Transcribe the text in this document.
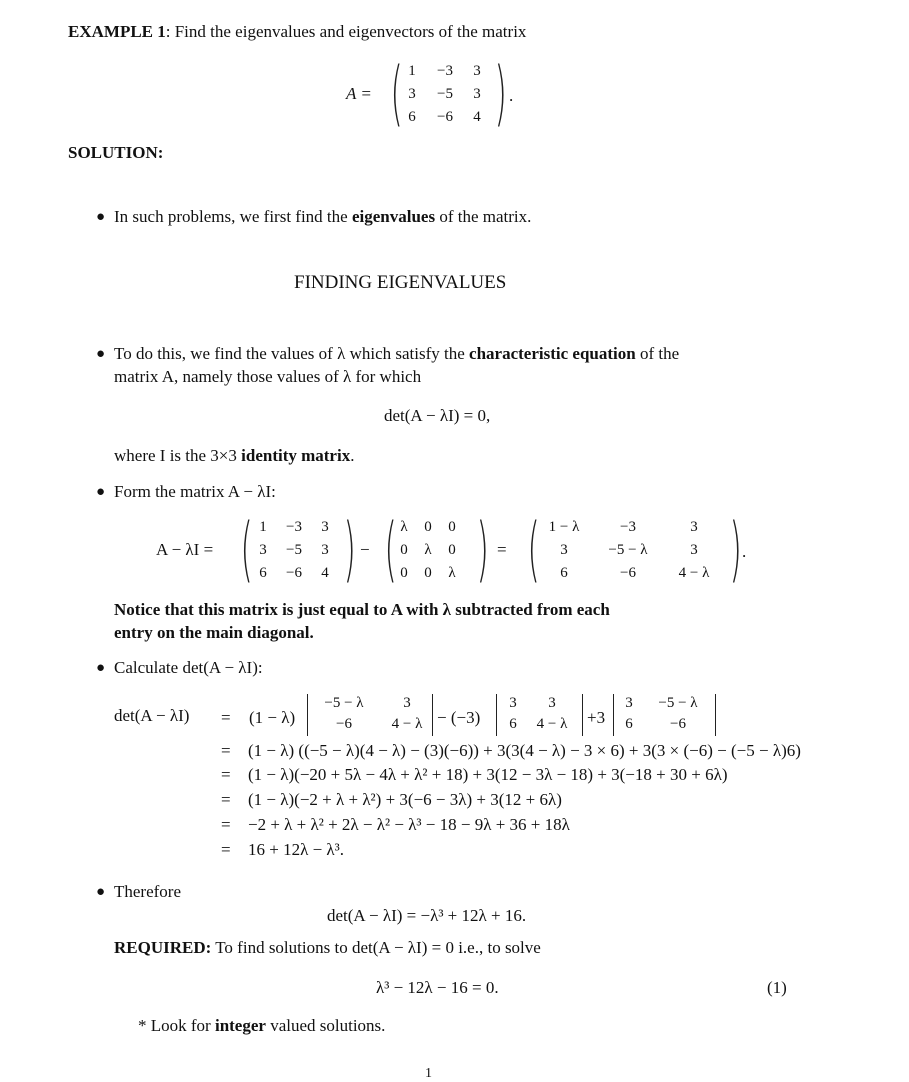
EXAMPLE 1: Find the eigenvalues and eigenvectors of the matrix
A = ( 1	−3	3
3	−5	3
6	−6	4 ) .
SOLUTION:
● In such problems, we first find the eigenvalues of the matrix.
FINDING EIGENVALUES
● To do this, we find the values of λ which satisfy the characteristic equation of the
matrix A, namely those values of λ for which
det(A − λI) = 0,
where I is the 3×3 identity matrix.
● Form the matrix A − λI:
A − λI = ( 1	−3	3
3	−5	3
6	−6	4 ) − ( λ	0	0
0	λ	0
0	0	λ ) = ( 1 − λ	−3	3
3	−5 − λ	3
6	−6	4 − λ ) .
Notice that this matrix is just equal to A with λ subtracted from each
entry on the main diagonal.
● Calculate det(A − λI):
det(A − λI) = (1 − λ)
−5 − λ	3
−6	4 − λ − (−3)
3	3
6	4 − λ	+3
3	−5 − λ
6	−6
= (1 − λ) ((−5 − λ)(4 − λ) − (3)(−6)) + 3(3(4 − λ) − 3 × 6) + 3(3 × (−6) − (−5 − λ)6)
= (1 − λ)(−20 + 5λ − 4λ + λ² + 18) + 3(12 − 3λ − 18) + 3(−18 + 30 + 6λ)
= (1 − λ)(−2 + λ + λ²) + 3(−6 − 3λ) + 3(12 + 6λ)
= −2 + λ + λ² + 2λ − λ² − λ³ − 18 − 9λ + 36 + 18λ
= 16 + 12λ − λ³.
● Therefore
det(A − λI) = −λ³ + 12λ + 16.
REQUIRED: To find solutions to det(A − λI) = 0 i.e., to solve
λ³ − 12λ − 16 = 0.	(1)
* Look for integer valued solutions.
1
